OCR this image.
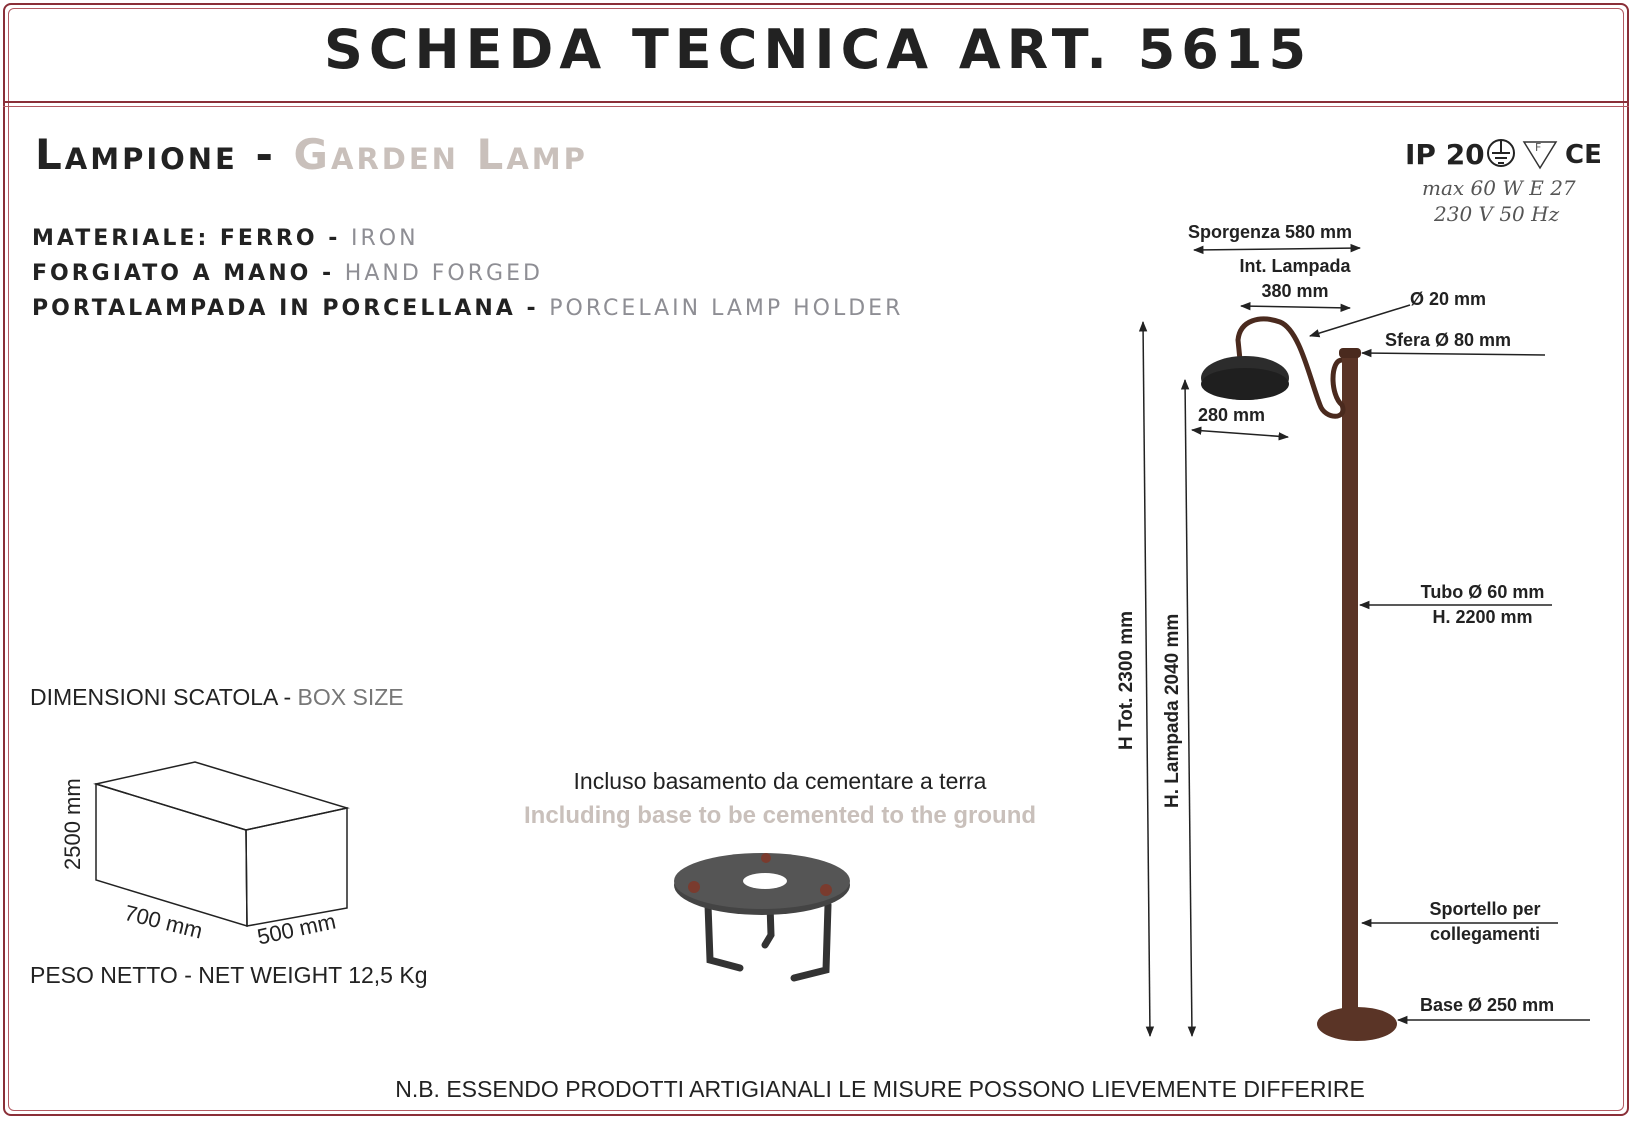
SCHEDA TECNICA ART. 5615
Lampione - Garden Lamp
MATERIALE: FERRO - IRON
FORGIATO A MANO - HAND FORGED
PORTALAMPADA IN PORCELLANA - PORCELAIN LAMP HOLDER
IP 20	F CE
max 60 W E 27
230 V 50 Hz
Sporgenza 580 mm
Int. Lampada
380 mm	Ø 20 mm
Sfera Ø 80 mm
280 mm
Tubo Ø 60 mm
H. 2200 mm
Sportello per
collegamenti
Base Ø 250 mm
H Tot. 2300 mm H. Lampada 2040 mm
DIMENSIONI SCATOLA - BOX SIZE
2500 mm
700 mm 500 mm
PESO NETTO - NET WEIGHT 12,5 Kg
Incluso basamento da cementare a terra
Including base to be cemented to the ground
N.B. ESSENDO PRODOTTI ARTIGIANALI LE MISURE POSSONO LIEVEMENTE DIFFERIRE
